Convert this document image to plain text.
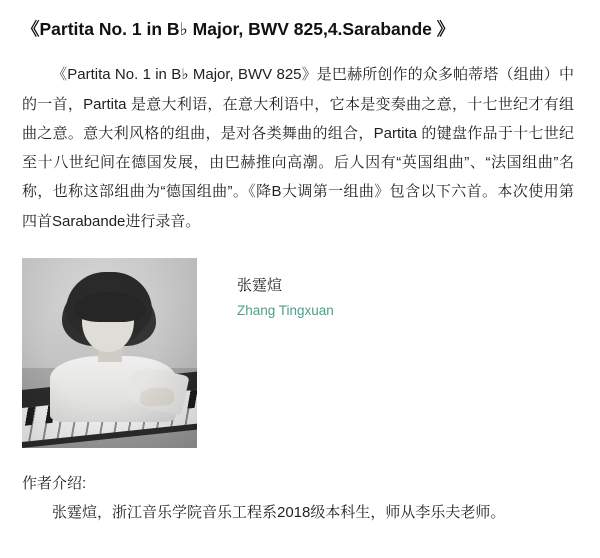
《Partita No. 1 in B♭ Major, BWV 825,4.Sarabande 》
《Partita No. 1 in B♭ Major, BWV 825》是巴赫所创作的众多帕蒂塔（组曲）中的一首，Partita 是意大利语，在意大利语中，它本是变奏曲之意，十七世纪才有组曲之意。意大利风格的组曲，是对各类舞曲的组合，Partita 的键盘作品于十七世纪至十八世纪间在德国发展，由巴赫推向高潮。后人因有“英国组曲”、“法国组曲”名称，也称这部组曲为“德国组曲”。《降B大调第一组曲》包含以下六首。本次使用第四首Sarabande进行录音。
张霆煊
Zhang Tingxuan
作者介绍:
张霆煊，浙江音乐学院音乐工程系2018级本科生，师从李乐夫老师。
